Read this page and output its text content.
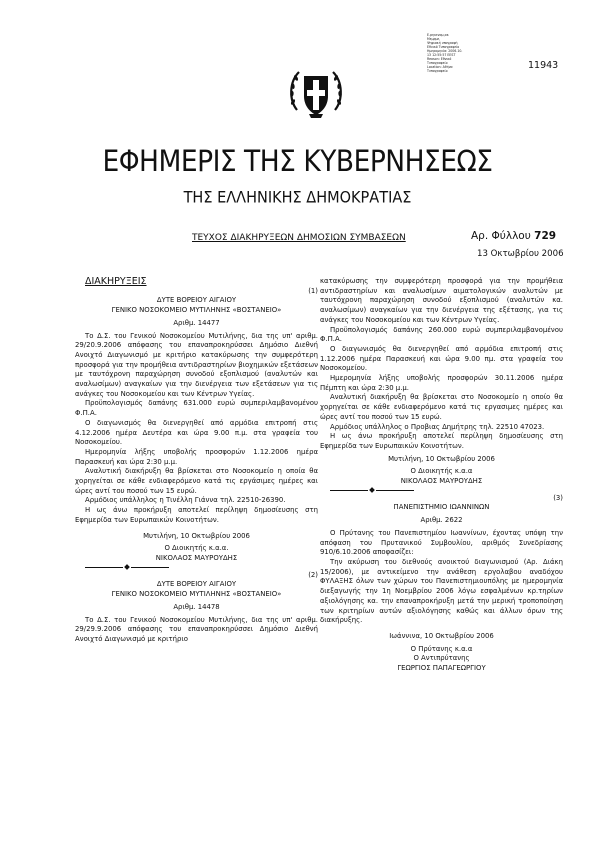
Ε.ρηκεναμ,ακ
Μεμρμε,
Ψηφιακή υπογραφή
Εθνικό Τυπογραφείο
Ημερομηνία: 2006.10.
13 12:55:57 EEST
Reason: Εθνικό
Τυπογραφείο
Location: Αθήνα
Τυπογραφείο	11943
ΕΦΗΜΕΡΙΣ ΤΗΣ ΚΥΒΕΡΝΗΣΕΩΣ
ΤΗΣ ΕΛΛΗΝΙΚΗΣ ΔΗΜΟΚΡΑΤΙΑΣ
ΤΕΥΧΟΣ ΔΙΑΚΗΡΥΞΕΩΝ ΔΗΜΟΣΙΩΝ ΣΥΜΒΑΣΕΩΝ	Αρ. Φύλλου 729
13 Οκτωβρίου 2006

ΔΙΑΚΗΡΥΞΕΙΣ

(1)

ΔΥΤΕ ΒΟΡΕΙΟΥ ΑΙΓΑΙΟΥ

ΓΕΝΙΚΟ ΝΟΣΟΚΟΜΕΙΟ ΜΥΤΙΛΗΝΗΣ «ΒΟΣΤΑΝΕΙΟ»

Αριθμ. 14477

Το Δ.Σ. του Γενικού Νοσοκομείου Μυτιλήνης, δια της υπ' αριθμ. 29/20.9.2006 απόφασης του επαναπροκηρύσσει Δημόσιο Διεθνή Ανοιχτό Διαγωνισμό με κριτήριο κατακύρωσης την συμφερότερη προσφορά για την προμήθεια αντιδραστηρίων βιοχημικών εξετάσεων με ταυτόχρονη παραχώρηση συνοδού εξοπλισμού (αναλυτών και αναλωσίμων) αναγκαίων για την διενέργεια των εξετάσεων για τις ανάγκες του Νοσοκομείου και των Κέντρων Υγείας.

Προϋπολογισμός δαπάνης 631.000 ευρώ συμπεριλαμβανομένου Φ.Π.Α.

Ο διαγωνισμός θα διενεργηθεί από αρμόδια επιτροπή στις 4.12.2006 ημέρα Δευτέρα και ώρα 9.00 π.μ. στα γραφεία του Νοσοκομείου.

Ημερομηνία λήξης υποβολής προσφορών 1.12.2006 ημέρα Παρασκευή και ώρα 2:30 μ.μ.

Αναλυτική διακήρυξη θα βρίσκεται στο Νοσοκομείο η οποία θα χορηγείται σε κάθε ενδιαφερόμενο κατά τις εργάσιμες ημέρες και ώρες αντί του ποσού των 15 ευρώ.

Αρμόδιος υπάλληλος η Τινέλλη Γιάννα τηλ. 22510-26390.

Η ως άνω προκήρυξη αποτελεί περίληψη δημοσίευσης στη Εφημερίδα των Ευρωπαικών Κοινοτήτων.

Μυτιλήνη, 10 Οκτωβρίου 2006

Ο Διοικητής κ.α.α.

ΝΙΚΟΛΑΟΣ ΜΑΥΡΟΥΔΗΣ

(2)

ΔΥΤΕ ΒΟΡΕΙΟΥ ΑΙΓΑΙΟΥ

ΓΕΝΙΚΟ ΝΟΣΟΚΟΜΕΙΟ ΜΥΤΙΛΗΝΗΣ «ΒΟΣΤΑΝΕΙΟ»

Αριθμ. 14478

Το Δ.Σ. του Γενικού Νοσοκομείου Μυτιλήνης, δια της υπ' αριθμ. 29/29.9.2006 απόφασης του επαναπροκηρύσσει Δημόσιο Διεθνή Ανοιχτό Διαγωνισμό με κριτήριο

κατακύρωσης την συμφερότερη προσφορά για την προμήθεια αντιδραστηρίων και αναλωσίμων αιματολογικών αναλυτών με ταυτόχρονη παραχώρηση συνοδού εξοπλισμού (αναλυτών κα. αναλωσίμων) αναγκαίων για την διενέργεια της εξέτασης, για τις ανάγκες του Νοσοκομείου και των Κέντρων Υγείας.

Προϋπολογισμός δαπάνης 260.000 ευρώ συμπεριλαμβανομένου Φ.Π.Α.

Ο διαγωνισμός θα διενεργηθεί από αρμόδια επιτροπή στις 1.12.2006 ημέρα Παρασκευή και ώρα 9.00 πμ. στα γραφεία του Νοσοκομείου.

Ημερομηνία λήξης υποβολής προσφορών 30.11.2006 ημέρα Πέμπτη και ώρα 2:30 μ.μ.

Αναλυτική διακήρυξη θα βρίσκεται στο Νοσοκομείο η οποίο θα χορηγείται σε κάθε ενδιαφερόμενο κατά τις εργασιμες ημέρες και ώρες αντί του ποσού των 15 ευρώ.

Αρμόδιος υπάλληλος ο Προβιας Δημήτρης τηλ. 22510 47023.

Η ως άνω προκήρυξη αποτελεί περίληψη δημοσίευσης στη Εφημερίδα των Ευρωπαικών Κοινοτήτων.

Μυτιλήνη, 10 Οκτωβρίου 2006

Ο Διοικητής κ.α.α

ΝΙΚΟΛΑΟΣ ΜΑΥΡΟΥΔΗΣ

(3)

ΠΑΝΕΠΙΣΤΗΜΙΟ ΙΩΑΝΝΙΝΩΝ

Αριθμ. 2622

Ο Πρύτανης του Πανεπιστημίου Ιωαννίνων, έχοντας υπόψη την απόφαση του Πρυτανικού Συμβουλίου, αριθμός Συνεδρίασης 910/6.10.2006 αποφασίζει:

Την ακύρωση του διεθνούς ανοικτού διαγωνισμού (Αρ. Διάκη 15/2006), με αντικείμενο την ανάθεση εργολαβου αναδόχου ΦΥΛΑΞΗΣ όλων των χώρων του Πανεπιστημιουπόλης με ημερομηνία διεξαγωγής την 1η Νοεμβρίου 2006 λόγω εσφαλμένων κρ.τηρίων αξιολόγησης κα. την επαναπροκήρυξη μετά την μερική τροποποίηση των κριτηρίων αυτών αξιολόγησης καθώς και άλλων όρων της διακήρυξης.

Ιωάννινα, 10 Οκτωβρίου 2006

Ο Πρύτανης κ.α.α

Ο Αντιπρύτανης

ΓΕΩΡΓΙΟΣ ΠΑΠΑΓΕΩΡΓΙΟΥ
